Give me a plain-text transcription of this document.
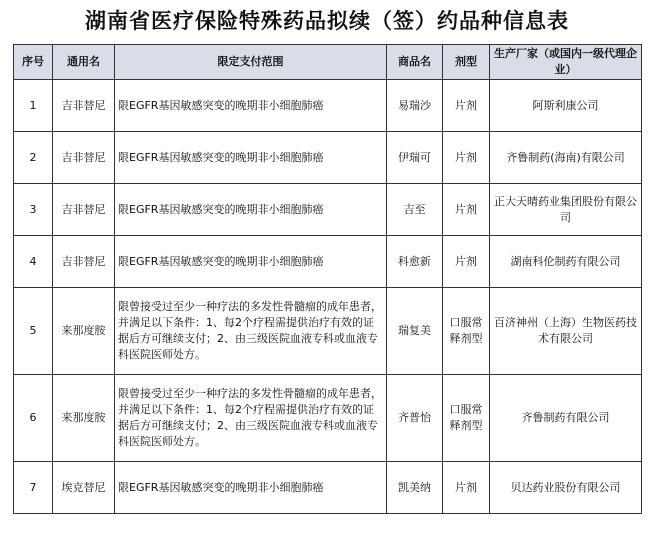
湖南省医疗保险特殊药品拟续（签）约品种信息表
序号	通用名	限定支付范围	商品名	剂型	生产厂家（或国内一级代理企业）
1	吉非替尼	限EGFR基因敏感突变的晚期非小细胞肺癌	易瑞沙	片剂	阿斯利康公司
2	吉非替尼	限EGFR基因敏感突变的晚期非小细胞肺癌	伊瑞可	片剂	齐鲁制药(海南)有限公司
3	吉非替尼	限EGFR基因敏感突变的晚期非小细胞肺癌	吉至	片剂	正大天晴药业集团股份有限公司
4	吉非替尼	限EGFR基因敏感突变的晚期非小细胞肺癌	科愈新	片剂	湖南科伦制药有限公司
5	来那度胺	限曾接受过至少一种疗法的多发性骨髓瘤的成年患者，并满足以下条件：1、每2个疗程需提供治疗有效的证据后方可继续支付；2、由三级医院血液专科或血液专科医院医师处方。	瑞复美	口服常释剂型	百济神州（上海）生物医药技术有限公司
6	来那度胺	限曾接受过至少一种疗法的多发性骨髓瘤的成年患者，并满足以下条件：1、每2个疗程需提供治疗有效的证据后方可继续支付；2、由三级医院血液专科或血液专科医院医师处方。	齐普怡	口服常释剂型	齐鲁制药有限公司
7	埃克替尼	限EGFR基因敏感突变的晚期非小细胞肺癌	凯美纳	片剂	贝达药业股份有限公司
